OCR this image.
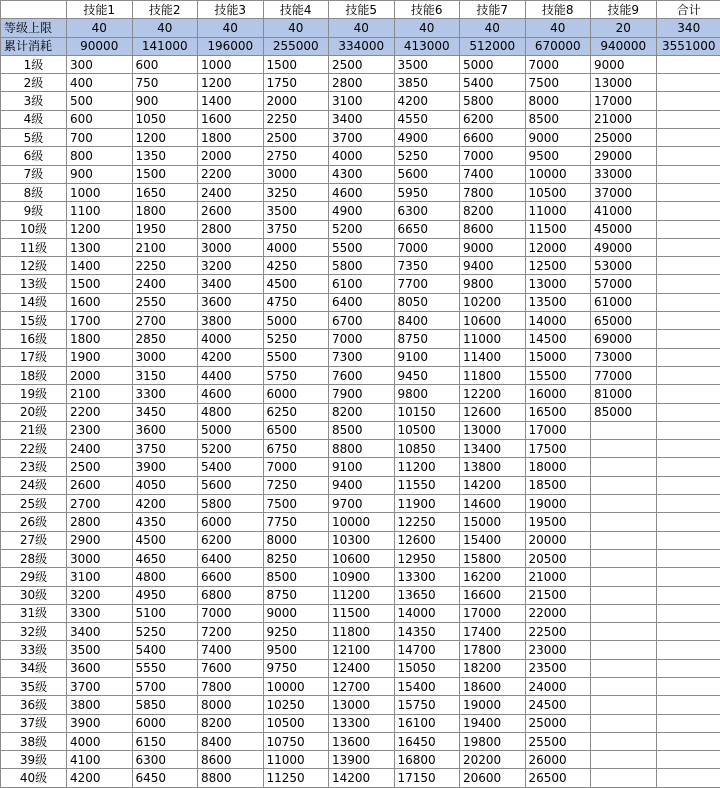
	技能1	技能2	技能3	技能4	技能5	技能6	技能7	技能8	技能9	合计
等级上限	40	40	40	40	40	40	40	40	20	340
累计消耗	90000	141000	196000	255000	334000	413000	512000	670000	940000	3551000
1级	300	600	1000	1500	2500	3500	5000	7000	9000	
2级	400	750	1200	1750	2800	3850	5400	7500	13000	
3级	500	900	1400	2000	3100	4200	5800	8000	17000	
4级	600	1050	1600	2250	3400	4550	6200	8500	21000	
5级	700	1200	1800	2500	3700	4900	6600	9000	25000	
6级	800	1350	2000	2750	4000	5250	7000	9500	29000	
7级	900	1500	2200	3000	4300	5600	7400	10000	33000	
8级	1000	1650	2400	3250	4600	5950	7800	10500	37000	
9级	1100	1800	2600	3500	4900	6300	8200	11000	41000	
10级	1200	1950	2800	3750	5200	6650	8600	11500	45000	
11级	1300	2100	3000	4000	5500	7000	9000	12000	49000	
12级	1400	2250	3200	4250	5800	7350	9400	12500	53000	
13级	1500	2400	3400	4500	6100	7700	9800	13000	57000	
14级	1600	2550	3600	4750	6400	8050	10200	13500	61000	
15级	1700	2700	3800	5000	6700	8400	10600	14000	65000	
16级	1800	2850	4000	5250	7000	8750	11000	14500	69000	
17级	1900	3000	4200	5500	7300	9100	11400	15000	73000	
18级	2000	3150	4400	5750	7600	9450	11800	15500	77000	
19级	2100	3300	4600	6000	7900	9800	12200	16000	81000	
20级	2200	3450	4800	6250	8200	10150	12600	16500	85000	
21级	2300	3600	5000	6500	8500	10500	13000	17000		
22级	2400	3750	5200	6750	8800	10850	13400	17500		
23级	2500	3900	5400	7000	9100	11200	13800	18000		
24级	2600	4050	5600	7250	9400	11550	14200	18500		
25级	2700	4200	5800	7500	9700	11900	14600	19000		
26级	2800	4350	6000	7750	10000	12250	15000	19500		
27级	2900	4500	6200	8000	10300	12600	15400	20000		
28级	3000	4650	6400	8250	10600	12950	15800	20500		
29级	3100	4800	6600	8500	10900	13300	16200	21000		
30级	3200	4950	6800	8750	11200	13650	16600	21500		
31级	3300	5100	7000	9000	11500	14000	17000	22000		
32级	3400	5250	7200	9250	11800	14350	17400	22500		
33级	3500	5400	7400	9500	12100	14700	17800	23000		
34级	3600	5550	7600	9750	12400	15050	18200	23500		
35级	3700	5700	7800	10000	12700	15400	18600	24000		
36级	3800	5850	8000	10250	13000	15750	19000	24500		
37级	3900	6000	8200	10500	13300	16100	19400	25000		
38级	4000	6150	8400	10750	13600	16450	19800	25500		
39级	4100	6300	8600	11000	13900	16800	20200	26000		
40级	4200	6450	8800	11250	14200	17150	20600	26500		
